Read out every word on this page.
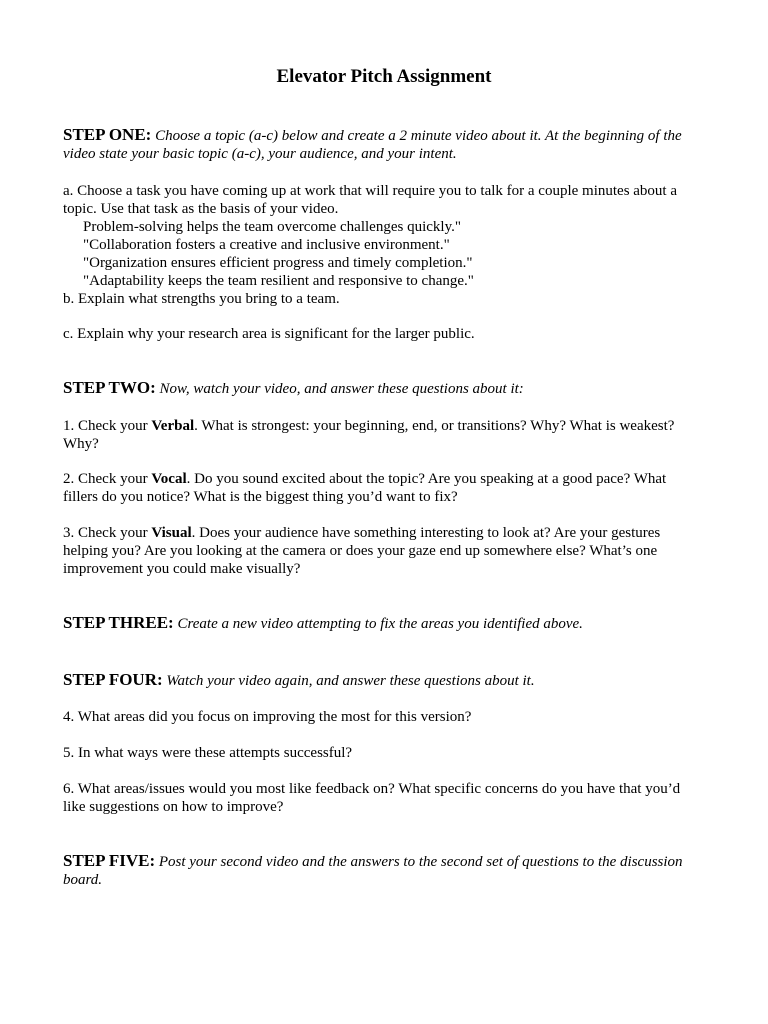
Elevator Pitch Assignment

STEP ONE: Choose a topic (a-c) below and create a 2 minute video about it. At the beginning of the video state your basic topic (a-c), your audience, and your intent.

a. Choose a task you have coming up at work that will require you to talk for a couple minutes about a topic. Use that task as the basis of your video.

Problem-solving helps the team overcome challenges quickly."

"Collaboration fosters a creative and inclusive environment."

"Organization ensures efficient progress and timely completion."

"Adaptability keeps the team resilient and responsive to change."

b. Explain what strengths you bring to a team.

c. Explain why your research area is significant for the larger public.

STEP TWO: Now, watch your video, and answer these questions about it:

1. Check your Verbal. What is strongest: your beginning, end, or transitions? Why? What is weakest? Why?

2. Check your Vocal. Do you sound excited about the topic? Are you speaking at a good pace? What fillers do you notice? What is the biggest thing you’d want to fix?

3. Check your Visual. Does your audience have something interesting to look at? Are your gestures helping you? Are you looking at the camera or does your gaze end up somewhere else? What’s one improvement you could make visually?

STEP THREE: Create a new video attempting to fix the areas you identified above.

STEP FOUR: Watch your video again, and answer these questions about it.

4. What areas did you focus on improving the most for this version?

5. In what ways were these attempts successful?

6. What areas/issues would you most like feedback on? What specific concerns do you have that you’d like suggestions on how to improve?

STEP FIVE: Post your second video and the answers to the second set of questions to the discussion board.
